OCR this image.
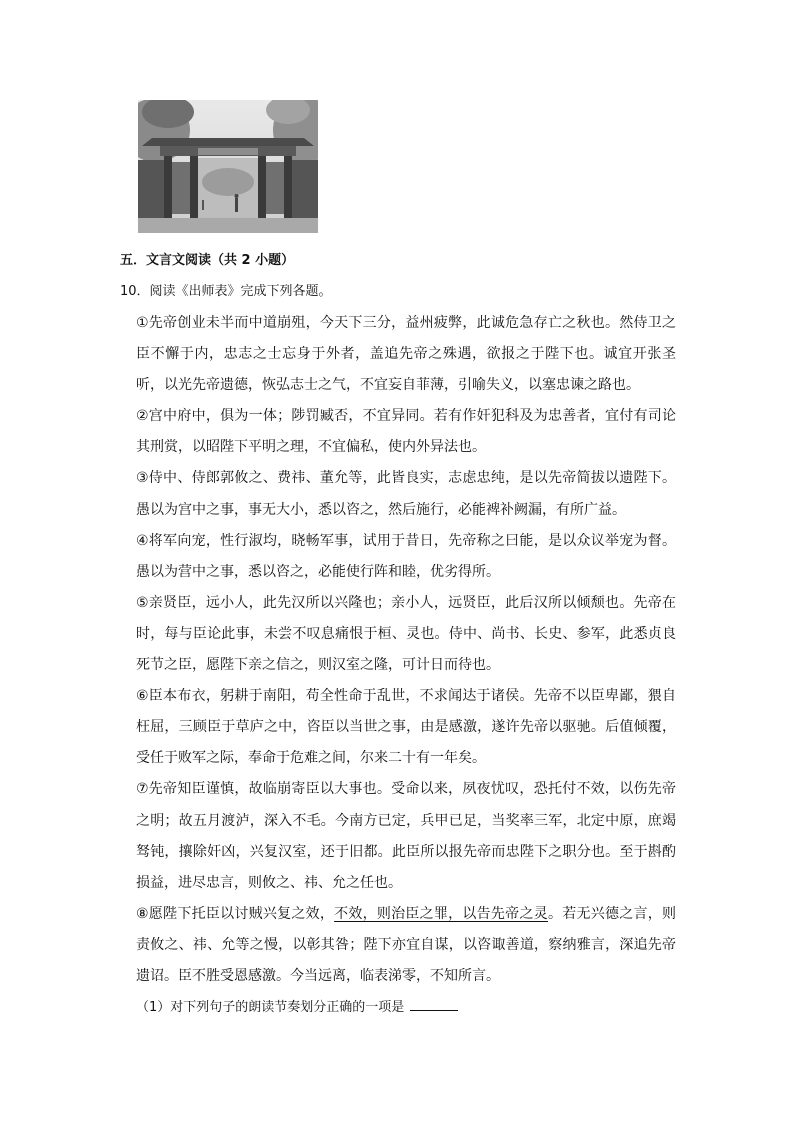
五．文言文阅读（共 2 小题）
10．阅读《出师表》完成下列各题。

①先帝创业未半而中道崩殂，今天下三分，益州疲弊，此诚危急存亡之秋也。然侍卫之臣不懈于内，忠志之士忘身于外者，盖追先帝之殊遇，欲报之于陛下也。诚宜开张圣听，以光先帝遗德，恢弘志士之气，不宜妄自菲薄，引喻失义，以塞忠谏之路也。

②宫中府中，俱为一体；陟罚臧否，不宜异同。若有作奸犯科及为忠善者，宜付有司论其刑赏，以昭陛下平明之理，不宜偏私，使内外异法也。

③侍中、侍郎郭攸之、费祎、董允等，此皆良实，志虑忠纯，是以先帝简拔以遗陛下。愚以为宫中之事，事无大小，悉以咨之，然后施行，必能裨补阙漏，有所广益。

④将军向宠，性行淑均，晓畅军事，试用于昔日，先帝称之曰能，是以众议举宠为督。愚以为营中之事，悉以咨之，必能使行阵和睦，优劣得所。

⑤亲贤臣，远小人，此先汉所以兴隆也；亲小人，远贤臣，此后汉所以倾颓也。先帝在时，每与臣论此事，未尝不叹息痛恨于桓、灵也。侍中、尚书、长史、参军，此悉贞良死节之臣，愿陛下亲之信之，则汉室之隆，可计日而待也。

⑥臣本布衣，躬耕于南阳，苟全性命于乱世，不求闻达于诸侯。先帝不以臣卑鄙，猥自枉屈，三顾臣于草庐之中，咨臣以当世之事，由是感激，遂许先帝以驱驰。后值倾覆，受任于败军之际，奉命于危难之间，尔来二十有一年矣。

⑦先帝知臣谨慎，故临崩寄臣以大事也。受命以来，夙夜忧叹，恐托付不效，以伤先帝之明；故五月渡泸，深入不毛。今南方已定，兵甲已足，当奖率三军，北定中原，庶竭驽钝，攘除奸凶，兴复汉室，还于旧都。此臣所以报先帝而忠陛下之职分也。至于斟酌损益，进尽忠言，则攸之、祎、允之任也。

⑧愿陛下托臣以讨贼兴复之效，不效，则治臣之罪，以告先帝之灵。若无兴德之言，则责攸之、祎、允等之慢，以彰其咎；陛下亦宜自谋，以咨诹善道，察纳雅言，深追先帝遗诏。臣不胜受恩感激。今当远离，临表涕零，不知所言。

（1）对下列句子的朗读节奏划分正确的一项是
